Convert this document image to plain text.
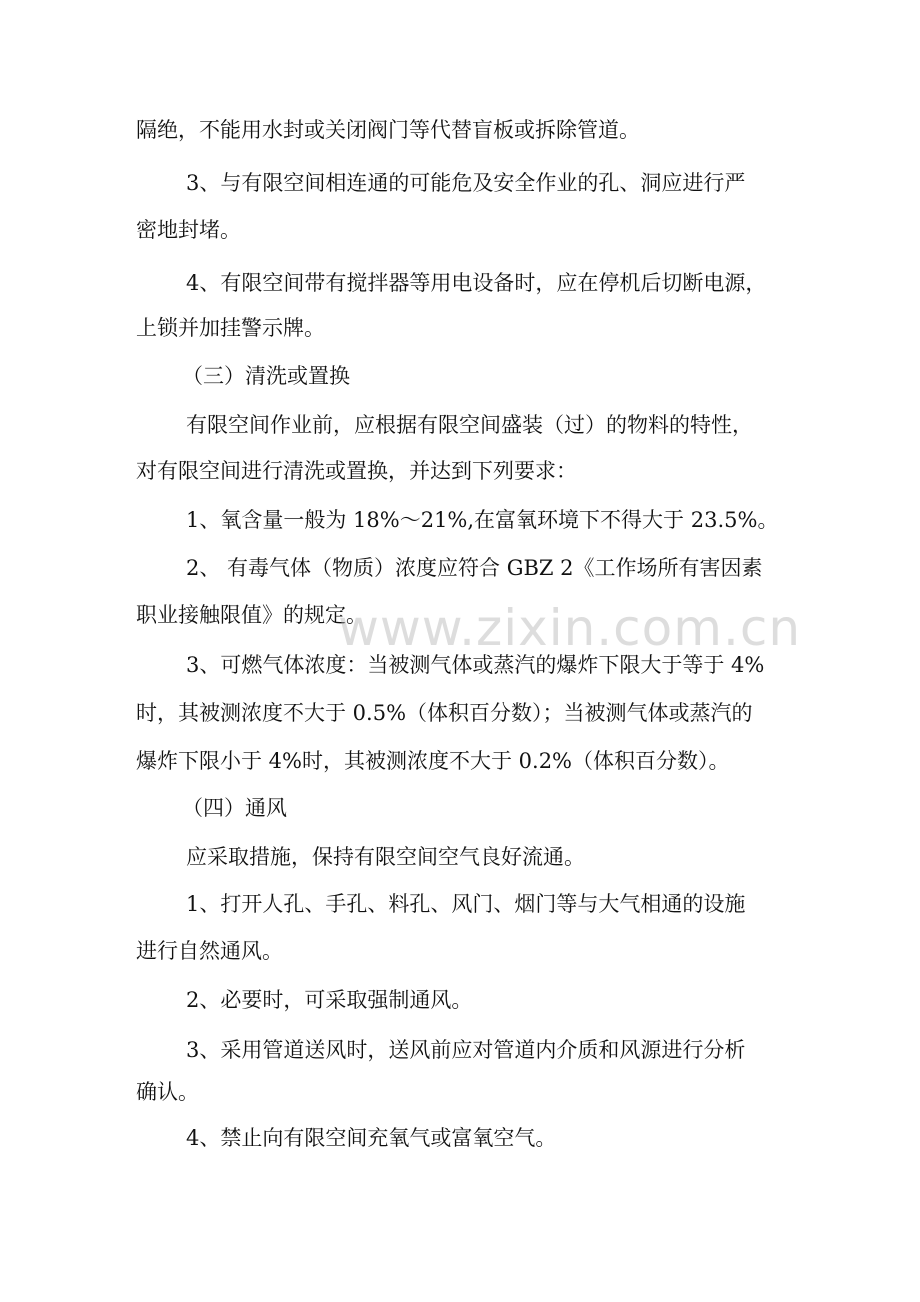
隔绝，不能用水封或关闭阀门等代替盲板或拆除管道。
3、与有限空间相连通的可能危及安全作业的孔、洞应进行严
密地封堵。
4、有限空间带有搅拌器等用电设备时，应在停机后切断电源，
上锁并加挂警示牌。
（三）清洗或置换
有限空间作业前，应根据有限空间盛装（过）的物料的特性，
对有限空间进行清洗或置换，并达到下列要求：
1、氧含量一般为 18%～21%,在富氧环境下不得大于 23.5%。
2、 有毒气体（物质）浓度应符合 GBZ 2《工作场所有害因素
职业接触限值》的规定。
3、可燃气体浓度：当被测气体或蒸汽的爆炸下限大于等于 4%
时，其被测浓度不大于 0.5%（体积百分数）；当被测气体或蒸汽的
爆炸下限小于 4%时，其被测浓度不大于 0.2%（体积百分数）。
（四）通风
应采取措施，保持有限空间空气良好流通。
1、打开人孔、手孔、料孔、风门、烟门等与大气相通的设施
进行自然通风。
2、必要时，可采取强制通风。
3、采用管道送风时，送风前应对管道内介质和风源进行分析
确认。
4、禁止向有限空间充氧气或富氧空气。
www.zixin.com.cn
